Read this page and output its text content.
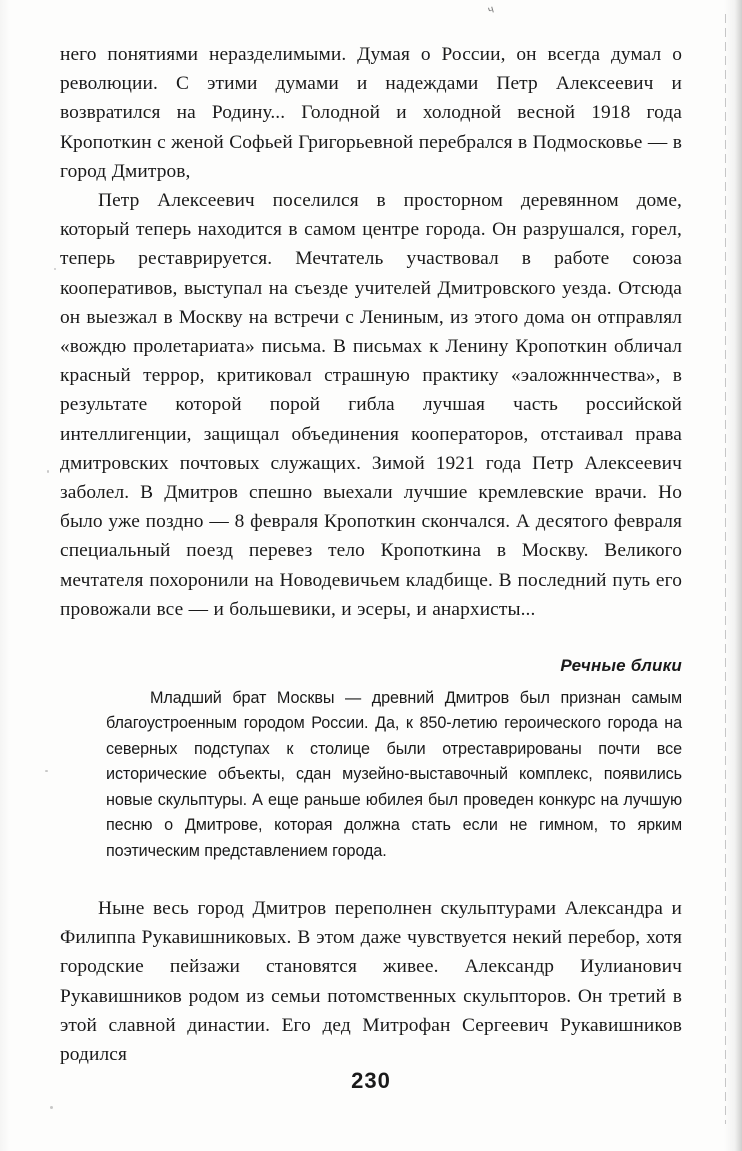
ч

него понятиями неразделимыми. Думая о России, он всегда думал о революции. С этими думами и надеждами Петр Алексеевич и возвратился на Родину... Голодной и холодной весной 1918 года Кропоткин с женой Софьей Григорьевной перебрался в Подмосковье — в город Дмитров,

Петр Алексеевич поселился в просторном деревянном доме, который теперь находится в самом центре города. Он разрушался, горел, теперь реставрируется. Мечтатель участвовал в работе союза кооперативов, выступал на съезде учителей Дмитровского уезда. Отсюда он выезжал в Москву на встречи с Лениным, из этого дома он отправлял «вождю пролетариата» письма. В письмах к Ленину Кропоткин обличал красный террор, критиковал страшную практику «эаложннчества», в результате которой порой гибла лучшая часть российской интеллигенции, защищал объединения кооператоров, отстаивал права дмитровских почтовых служащих. Зимой 1921 года Петр Алексеевич заболел. В Дмитров спешно выехали лучшие кремлевские врачи. Но было уже поздно — 8 февраля Кропоткин скончался. А десятого февраля специальный поезд перевез тело Кропоткина в Москву. Великого мечтателя похоронили на Новодевичьем кладбище. В последний путь его провожали все — и большевики, и эсеры, и анархисты...

Речные блики

Младший брат Москвы — древний Дмитров был признан самым благоустроенным городом России. Да, к 850-летию героического города на северных подступах к столице были отреставрированы почти все исторические объекты, сдан музейно-выставочный комплекс, появились новые скульптуры. А еще раньше юбилея был проведен конкурс на лучшую песню о Дмитрове, которая должна стать если не гимном, то ярким поэтическим представлением города.

Ныне весь город Дмитров переполнен скульптурами Александра и Филиппа Рукавишниковых. В этом даже чувствуется некий перебор, хотя городские пейзажи становятся живее. Александр Иулианович Рукавишников родом из семьи потомственных скульпторов. Он третий в этой славной династии. Его дед Митрофан Сергеевич Рукавишников родился

230
